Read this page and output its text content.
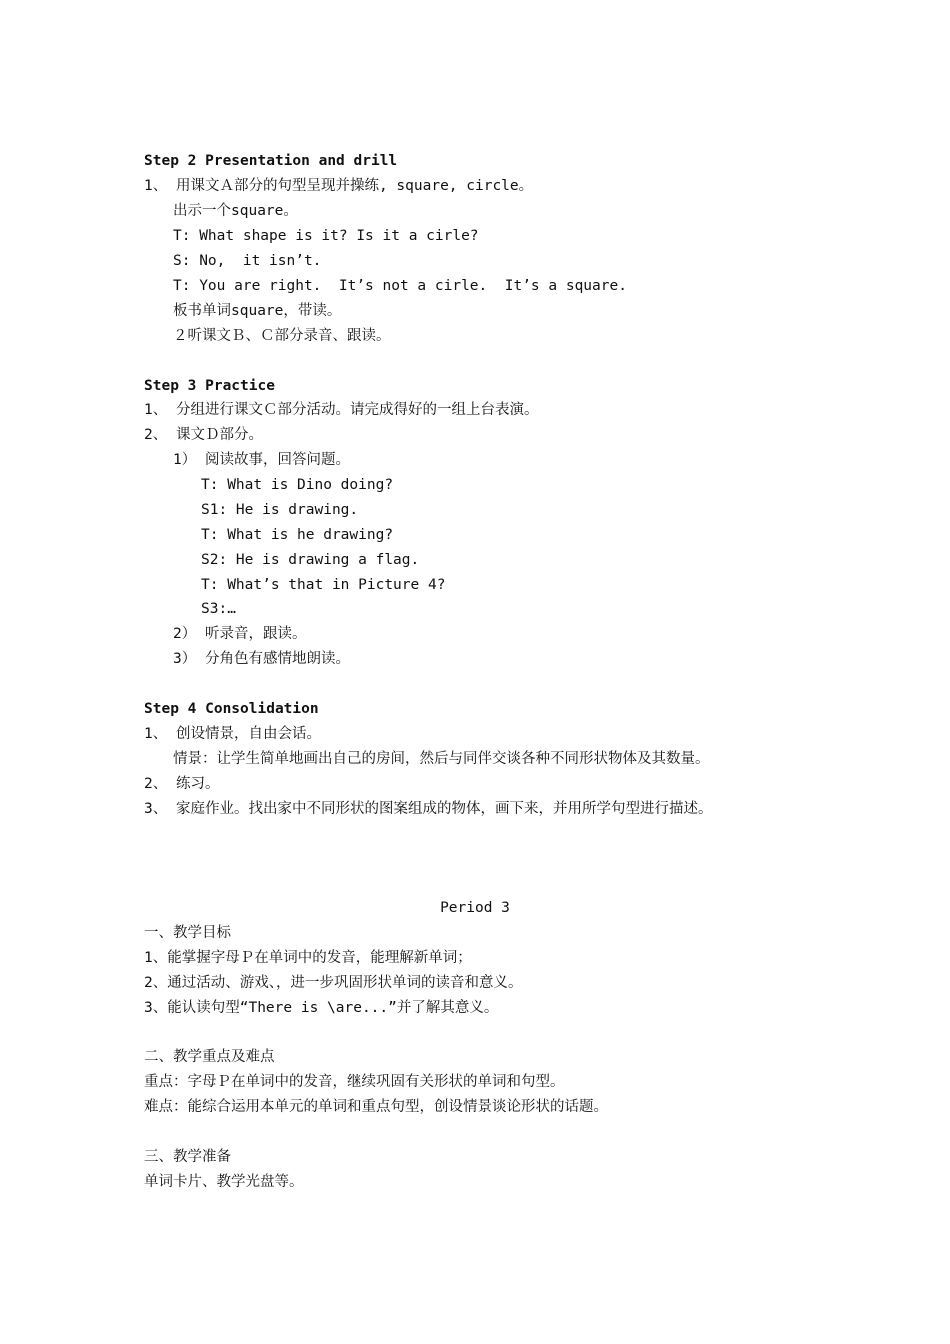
Step 2 Presentation and drill
1、 用课文Ａ部分的句型呈现并操练, square, circle。
出示一个square。
T: What shape is it? Is it a cirle?
S: No,  it isn’t.
T: You are right.  It’s not a cirle.  It’s a square.
板书单词square，带读。
２听课文Ｂ、Ｃ部分录音、跟读。
Step 3 Practice
1、 分组进行课文Ｃ部分活动。请完成得好的一组上台表演。
2、 课文Ｄ部分。
1） 阅读故事，回答问题。
T: What is Dino doing?
S1: He is drawing.
T: What is he drawing?
S2: He is drawing a flag.
T: What’s that in Picture 4?
S3:…
2） 听录音，跟读。
3） 分角色有感情地朗读。
Step 4 Consolidation
1、 创设情景，自由会话。
情景：让学生简单地画出自己的房间，然后与同伴交谈各种不同形状物体及其数量。
2、 练习。
3、 家庭作业。找出家中不同形状的图案组成的物体，画下来，并用所学句型进行描述。
Period 3
一、教学目标
1、能掌握字母Ｐ在单词中的发音，能理解新单词；
2、通过活动、游戏、，进一步巩固形状单词的读音和意义。
3、能认读句型“There is \are...”并了解其意义。
二、教学重点及难点
重点：字母Ｐ在单词中的发音，继续巩固有关形状的单词和句型。
难点：能综合运用本单元的单词和重点句型，创设情景谈论形状的话题。
三、教学准备
单词卡片、教学光盘等。
